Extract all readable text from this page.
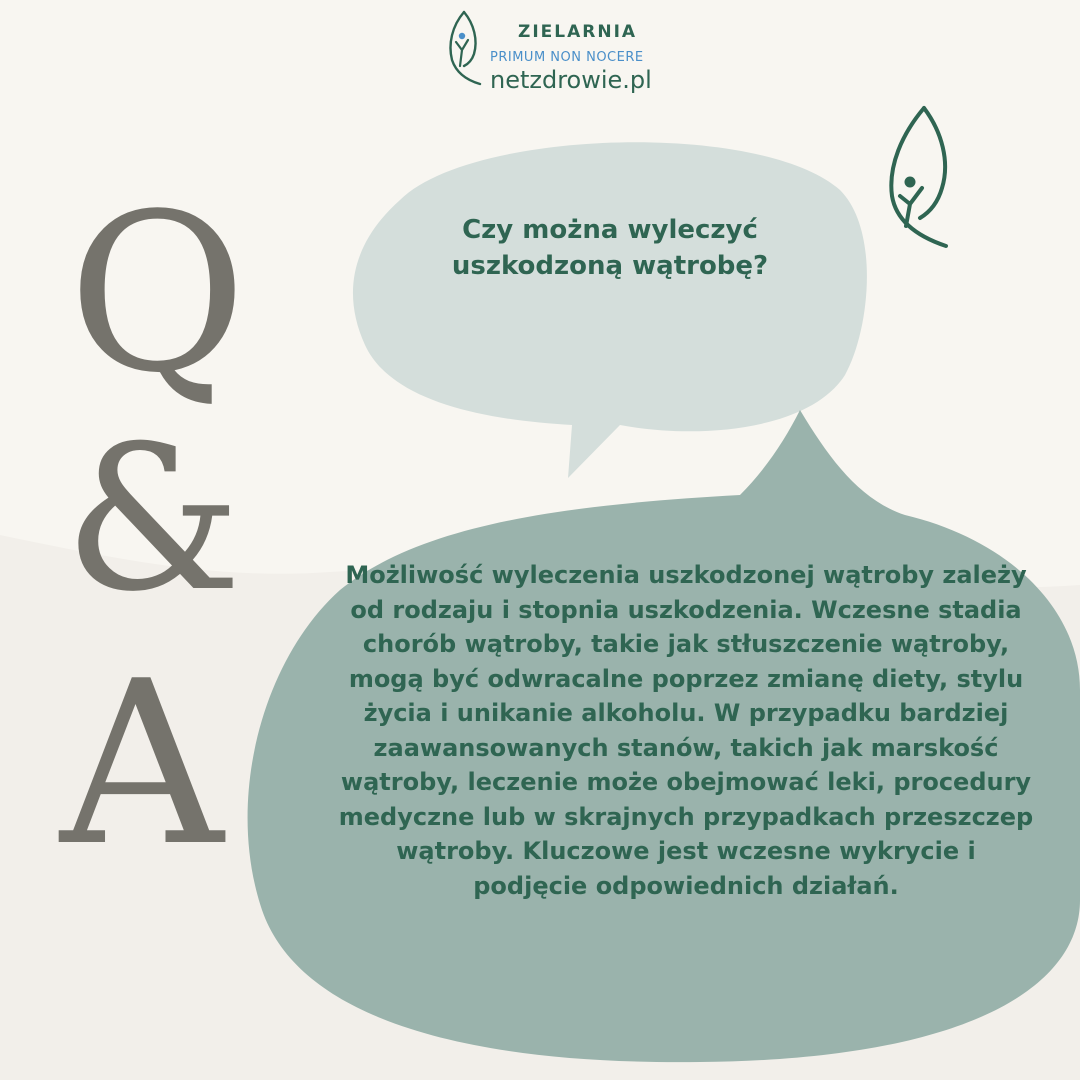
ZIELARNIA
PRIMUM NON NOCERE
netzdrowie.pl
Q
&
A
Czy można wyleczyć uszkodzoną wątrobę?
Możliwość wyleczenia uszkodzonej wątroby zależy od rodzaju i stopnia uszkodzenia. Wczesne stadia chorób wątroby, takie jak stłuszczenie wątroby, mogą być odwracalne poprzez zmianę diety, stylu życia i unikanie alkoholu. W przypadku bardziej zaawansowanych stanów, takich jak marskość wątroby, leczenie może obejmować leki, procedury medyczne lub w skrajnych przypadkach przeszczep wątroby. Kluczowe jest wczesne wykrycie i podjęcie odpowiednich działań.
